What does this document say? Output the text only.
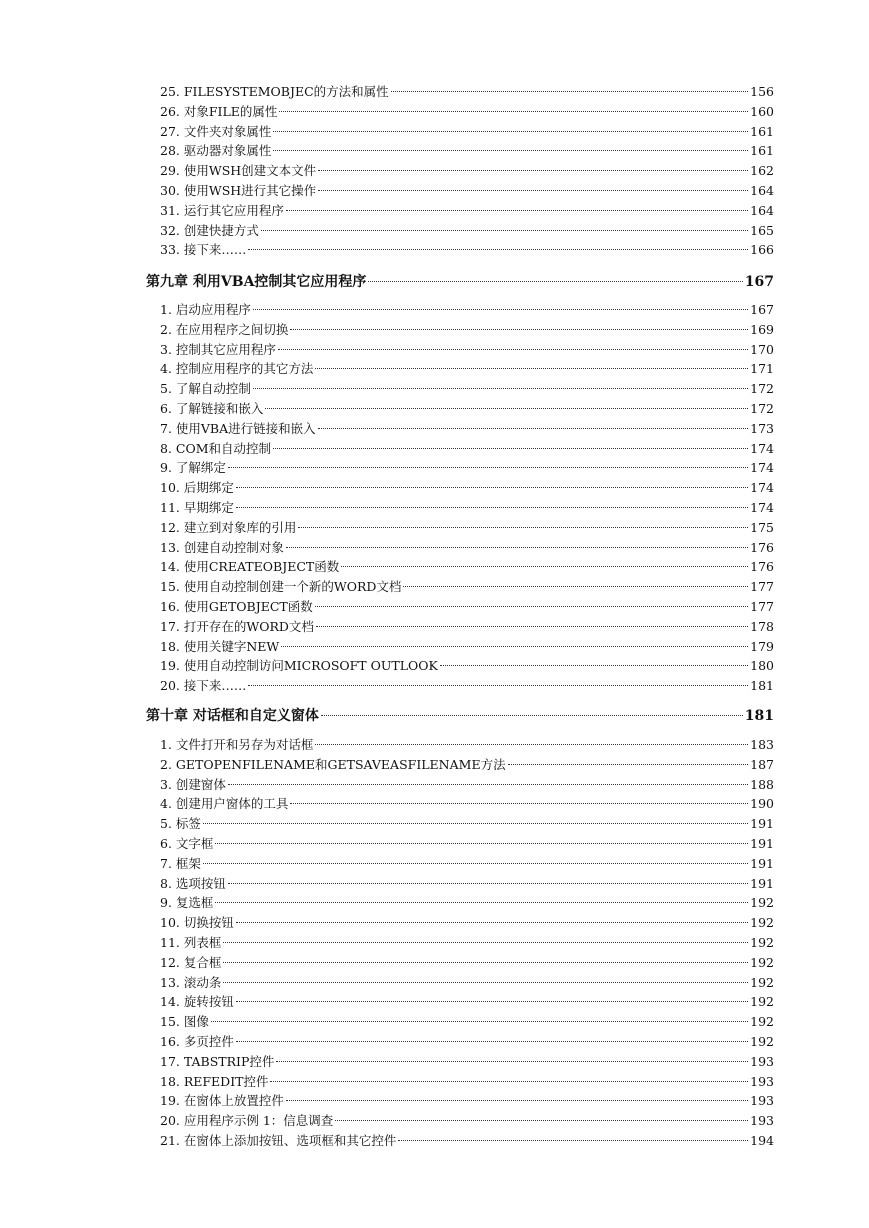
25. FILESYSTEMOBJEC的方法和属性	156
26. 对象FILE的属性	160
27. 文件夹对象属性	161
28. 驱动器对象属性	161
29. 使用WSH创建文本文件	162
30. 使用WSH进行其它操作	164
31. 运行其它应用程序	164
32. 创建快捷方式	165
33. 接下来……	166
第九章 利用VBA控制其它应用程序	167
1. 启动应用程序	167
2. 在应用程序之间切换	169
3. 控制其它应用程序	170
4. 控制应用程序的其它方法	171
5. 了解自动控制	172
6. 了解链接和嵌入	172
7. 使用VBA进行链接和嵌入	173
8. COM和自动控制	174
9. 了解绑定	174
10. 后期绑定	174
11. 早期绑定	174
12. 建立到对象库的引用	175
13. 创建自动控制对象	176
14. 使用CREATEOBJECT函数	176
15. 使用自动控制创建一个新的WORD文档	177
16. 使用GETOBJECT函数	177
17. 打开存在的WORD文档	178
18. 使用关键字NEW	179
19. 使用自动控制访问MICROSOFT OUTLOOK	180
20. 接下来……	181
第十章 对话框和自定义窗体	181
1. 文件打开和另存为对话框	183
2. GETOPENFILENAME和GETSAVEASFILENAME方法	187
3. 创建窗体	188
4. 创建用户窗体的工具	190
5. 标签	191
6. 文字框	191
7. 框架	191
8. 选项按钮	191
9. 复选框	192
10. 切换按钮	192
11. 列表框	192
12. 复合框	192
13. 滚动条	192
14. 旋转按钮	192
15. 图像	192
16. 多页控件	192
17. TABSTRIP控件	193
18. REFEDIT控件	193
19. 在窗体上放置控件	193
20. 应用程序示例 1：信息调查	193
21. 在窗体上添加按钮、选项框和其它控件	194
